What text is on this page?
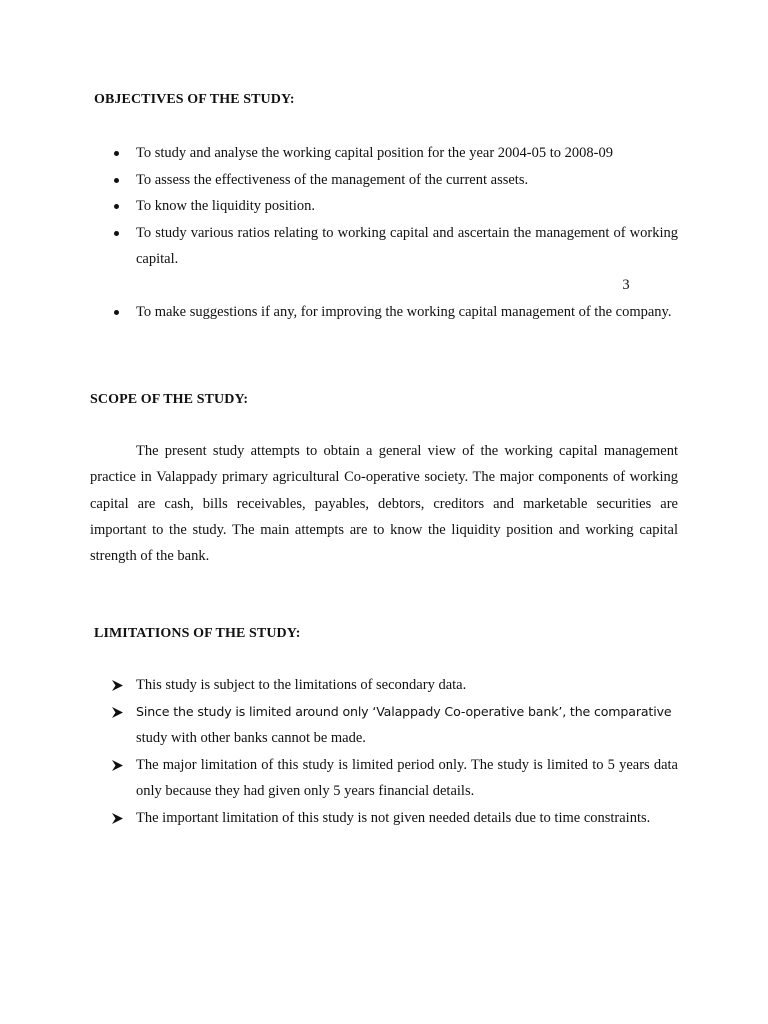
OBJECTIVES OF THE STUDY:
To study and analyse the working capital position for the year 2004-05 to 2008-09
To assess the effectiveness of the management of the current assets.
To know the liquidity position.
To study various ratios relating to working capital and ascertain the management of working capital.
3
To make suggestions if any, for improving the working capital management of the company.
SCOPE OF THE STUDY:

The present study attempts to obtain a general view of the working capital management practice in Valappady primary agricultural Co-operative society. The major components of working capital are cash, bills receivables, payables, debtors, creditors and marketable securities are important to the study. The main attempts are to know the liquidity position and working capital strength of the bank.

LIMITATIONS OF THE STUDY:
This study is subject to the limitations of secondary data.
Since the study is limited around only ‘Valappady Co-operative bank’, the comparative
study with other banks cannot be made.
The major limitation of this study is limited period only. The study is limited to 5 years data only because they had given only 5 years financial details.
The important limitation of this study is not given needed details due to time constraints.
